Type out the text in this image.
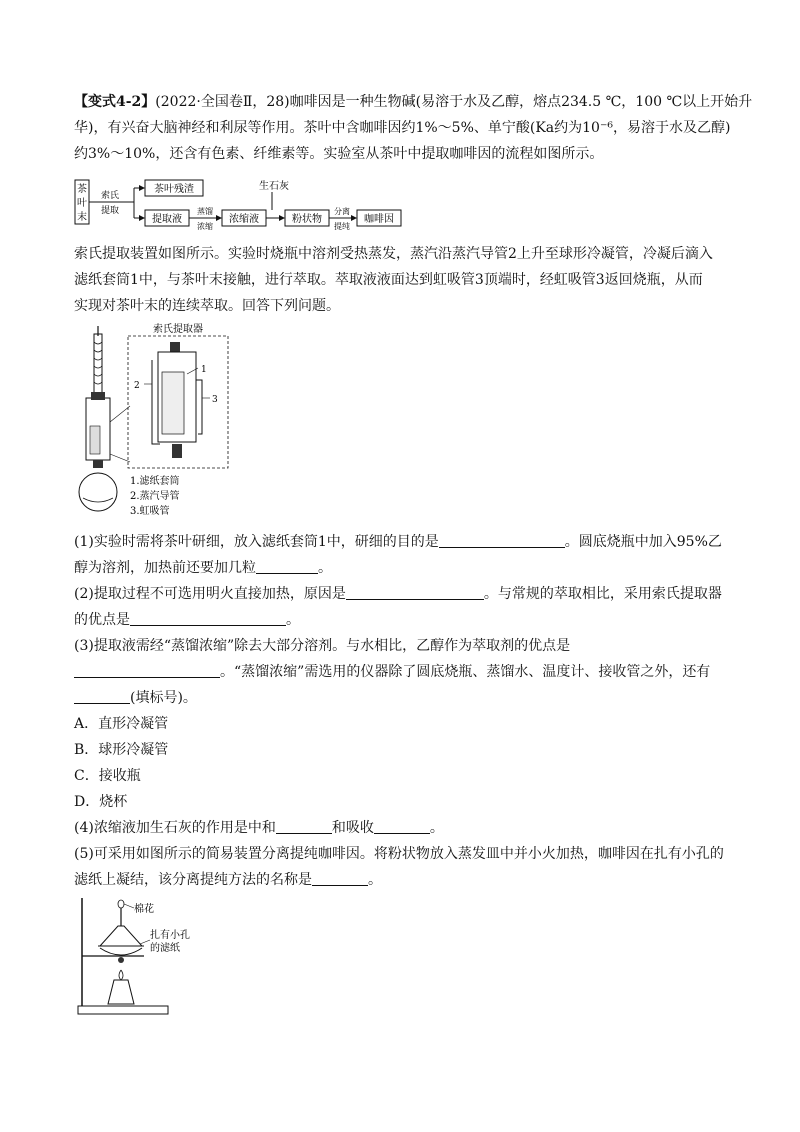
【变式4-2】(2022·全国卷Ⅱ，28)咖啡因是一种生物碱(易溶于水及乙醇，熔点234.5 ℃，100 ℃以上开始升
华)，有兴奋大脑神经和利尿等作用。茶叶中含咖啡因约1%～5%、单宁酸(Ka约为10⁻⁶，易溶于水及乙醇)
约3%～10%，还含有色素、纤维素等。实验室从茶叶中提取咖啡因的流程如图所示。
茶
叶
末
索氏
提取
茶叶残渣
提取液
蒸馏
浓缩
浓缩液
生石灰
粉状物
分离
提纯
咖啡因
索氏提取装置如图所示。实验时烧瓶中溶剂受热蒸发，蒸汽沿蒸汽导管2上升至球形冷凝管，冷凝后滴入
滤纸套筒1中，与茶叶末接触，进行萃取。萃取液液面达到虹吸管3顶端时，经虹吸管3返回烧瓶，从而
实现对茶叶末的连续萃取。回答下列问题。
索氏提取器
1
2
3
1.滤纸套筒
2.蒸汽导管
3.虹吸管
(1)实验时需将茶叶研细，放入滤纸套筒1中，研细的目的是	。圆底烧瓶中加入95%乙
醇为溶剂，加热前还要加几粒	。
(2)提取过程不可选用明火直接加热，原因是	。与常规的萃取相比，采用索氏提取器
的优点是	。
(3)提取液需经“蒸馏浓缩”除去大部分溶剂。与水相比，乙醇作为萃取剂的优点是
。“蒸馏浓缩”需选用的仪器除了圆底烧瓶、蒸馏水、温度计、接收管之外，还有
(填标号)。
A．直形冷凝管
B．球形冷凝管
C．接收瓶
D．烧杯
(4)浓缩液加生石灰的作用是中和	和吸收	。
(5)可采用如图所示的简易装置分离提纯咖啡因。将粉状物放入蒸发皿中并小火加热，咖啡因在扎有小孔的
滤纸上凝结，该分离提纯方法的名称是	。
棉花
扎有小孔
的滤纸
